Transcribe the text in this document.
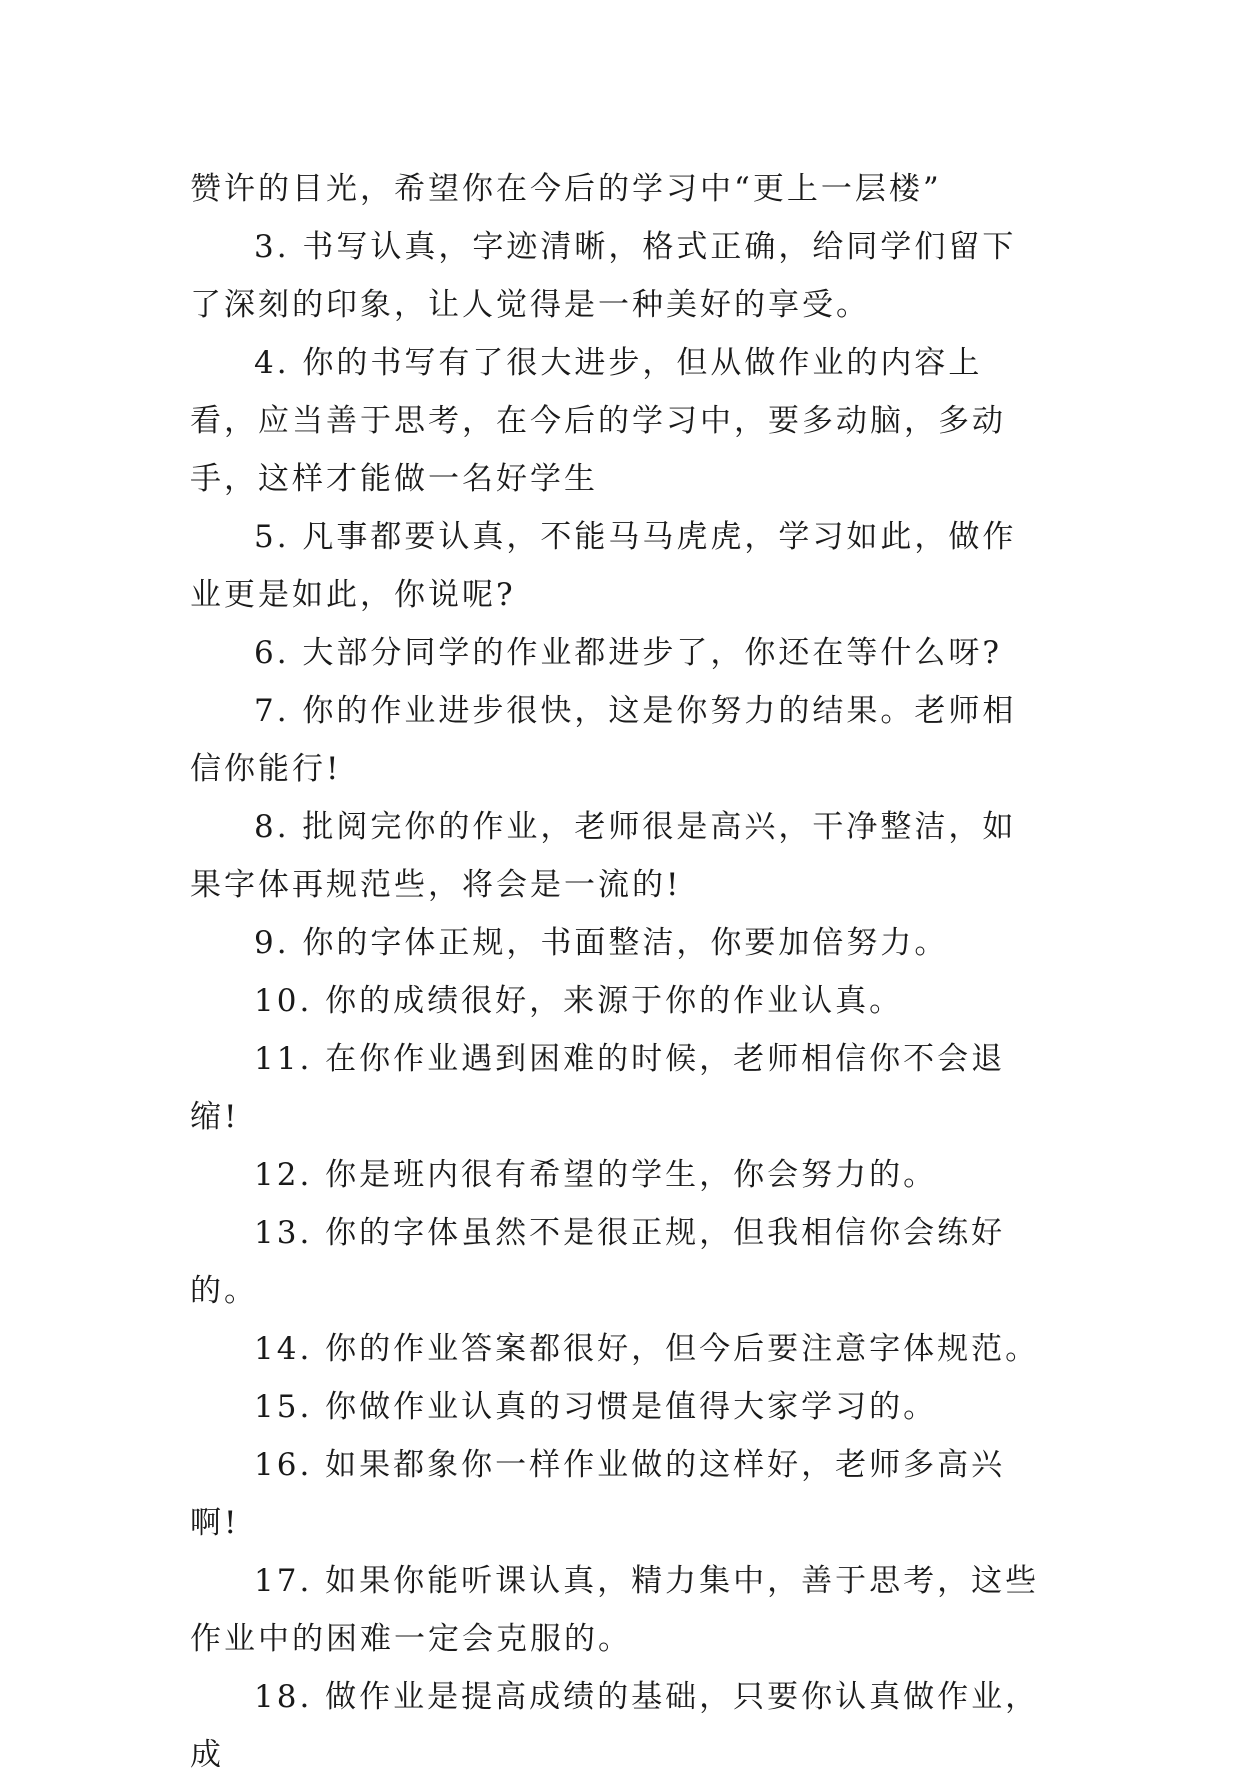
赞许的目光，希望你在今后的学习中“更上一层楼”

3. 书写认真，字迹清晰，格式正确，给同学们留下了深刻的印象，让人觉得是一种美好的享受。

4. 你的书写有了很大进步，但从做作业的内容上看，应当善于思考，在今后的学习中，要多动脑，多动手，这样才能做一名好学生

5. 凡事都要认真，不能马马虎虎，学习如此，做作业更是如此，你说呢?

6. 大部分同学的作业都进步了，你还在等什么呀?

7. 你的作业进步很快，这是你努力的结果。老师相信你能行!

8. 批阅完你的作业，老师很是高兴，干净整洁，如果字体再规范些，将会是一流的!

9. 你的字体正规，书面整洁，你要加倍努力。

10. 你的成绩很好，来源于你的作业认真。

11. 在你作业遇到困难的时候，老师相信你不会退缩!

12. 你是班内很有希望的学生，你会努力的。

13. 你的字体虽然不是很正规，但我相信你会练好的。

14. 你的作业答案都很好，但今后要注意字体规范。

15. 你做作业认真的习惯是值得大家学习的。

16. 如果都象你一样作业做的这样好，老师多高兴啊!

17. 如果你能听课认真，精力集中，善于思考，这些作业中的困难一定会克服的。

18. 做作业是提高成绩的基础，只要你认真做作业，成
